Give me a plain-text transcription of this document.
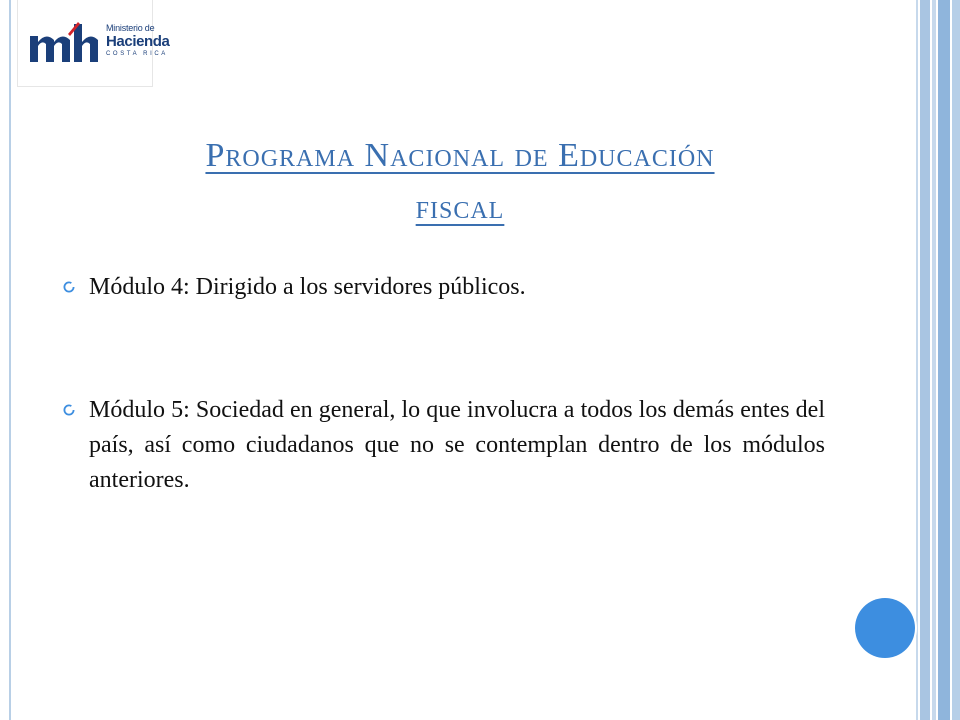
Ministerio de
Hacienda
COSTA RICA
Programa Nacional de Educación
fiscal
Módulo 4: Dirigido a los servidores públicos.
Módulo 5: Sociedad en general, lo que involucra a todos los demás entes del país, así como ciudadanos que no se contemplan dentro de los módulos anteriores.
